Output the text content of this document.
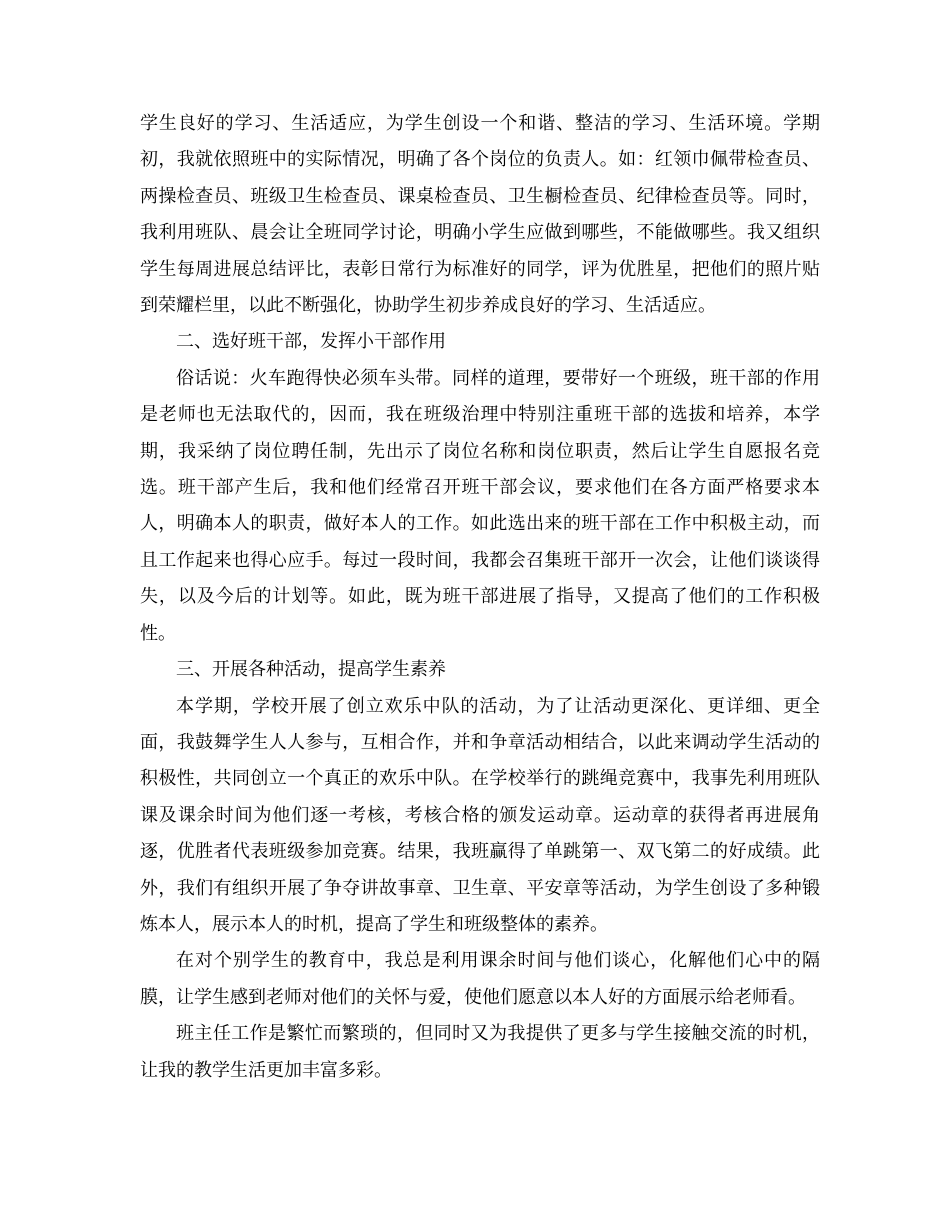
学生良好的学习、生活适应，为学生创设一个和谐、整洁的学习、生活环境。学期初，我就依照班中的实际情况，明确了各个岗位的负责人。如：红领巾佩带检查员、两操检查员、班级卫生检查员、课桌检查员、卫生橱检查员、纪律检查员等。同时，我利用班队、晨会让全班同学讨论，明确小学生应做到哪些，不能做哪些。我又组织学生每周进展总结评比，表彰日常行为标准好的同学，评为优胜星，把他们的照片贴到荣耀栏里，以此不断强化，协助学生初步养成良好的学习、生活适应。

二、选好班干部，发挥小干部作用

俗话说：火车跑得快必须车头带。同样的道理，要带好一个班级，班干部的作用是老师也无法取代的，因而，我在班级治理中特别注重班干部的选拔和培养，本学期，我采纳了岗位聘任制，先出示了岗位名称和岗位职责，然后让学生自愿报名竞选。班干部产生后，我和他们经常召开班干部会议，要求他们在各方面严格要求本人，明确本人的职责，做好本人的工作。如此选出来的班干部在工作中积极主动，而且工作起来也得心应手。每过一段时间，我都会召集班干部开一次会，让他们谈谈得失，以及今后的计划等。如此，既为班干部进展了指导，又提高了他们的工作积极性。

三、开展各种活动，提高学生素养

本学期，学校开展了创立欢乐中队的活动，为了让活动更深化、更详细、更全面，我鼓舞学生人人参与，互相合作，并和争章活动相结合，以此来调动学生活动的积极性，共同创立一个真正的欢乐中队。在学校举行的跳绳竞赛中，我事先利用班队课及课余时间为他们逐一考核，考核合格的颁发运动章。运动章的获得者再进展角逐，优胜者代表班级参加竞赛。结果，我班赢得了单跳第一、双飞第二的好成绩。此外，我们有组织开展了争夺讲故事章、卫生章、平安章等活动，为学生创设了多种锻炼本人，展示本人的时机，提高了学生和班级整体的素养。

在对个别学生的教育中，我总是利用课余时间与他们谈心，化解他们心中的隔膜，让学生感到老师对他们的关怀与爱，使他们愿意以本人好的方面展示给老师看。

班主任工作是繁忙而繁琐的，但同时又为我提供了更多与学生接触交流的时机，让我的教学生活更加丰富多彩。
